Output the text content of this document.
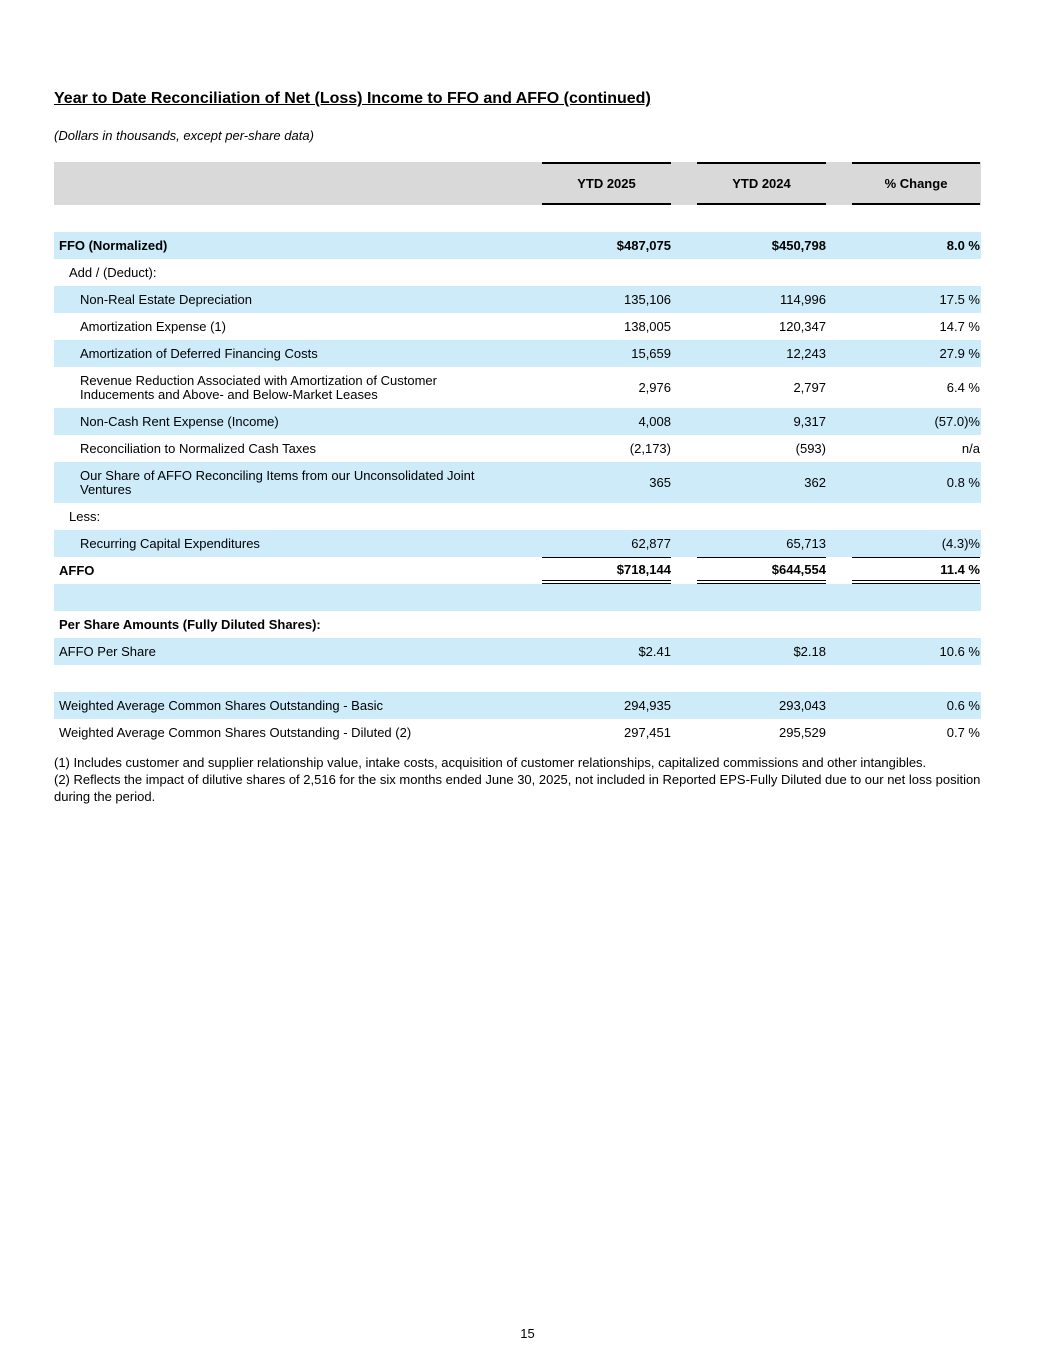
Year to Date Reconciliation of Net (Loss) Income to FFO and AFFO (continued)

(Dollars in thousands, except per-share data)

YTD 2025	YTD 2024	% Change
FFO (Normalized)	$487,075	$450,798	8.0 %
Add / (Deduct):
Non-Real Estate Depreciation	135,106	114,996	17.5 %
Amortization Expense (1)	138,005	120,347	14.7 %
Amortization of Deferred Financing Costs	15,659	12,243	27.9 %
Revenue Reduction Associated with Amortization of Customer Inducements and Above- and Below-Market Leases	2,976	2,797	6.4 %
Non-Cash Rent Expense (Income)	4,008	9,317	(57.0)%
Reconciliation to Normalized Cash Taxes	(2,173)	(593)	n/a
Our Share of AFFO Reconciling Items from our Unconsolidated Joint Ventures	365	362	0.8 %
Less:
Recurring Capital Expenditures	62,877	65,713	(4.3)%
AFFO	$718,144	$644,554	11.4 %
Per Share Amounts (Fully Diluted Shares):
AFFO Per Share	$2.41	$2.18	10.6 %
Weighted Average Common Shares Outstanding - Basic	294,935	293,043	0.6 %
Weighted Average Common Shares Outstanding - Diluted (2)	297,451	295,529	0.7 %

(1) Includes customer and supplier relationship value, intake costs, acquisition of customer relationships, capitalized commissions and other intangibles.

(2) Reflects the impact of dilutive shares of 2,516 for the six months ended June 30, 2025, not included in Reported EPS-Fully Diluted due to our net loss position during the period.

15
